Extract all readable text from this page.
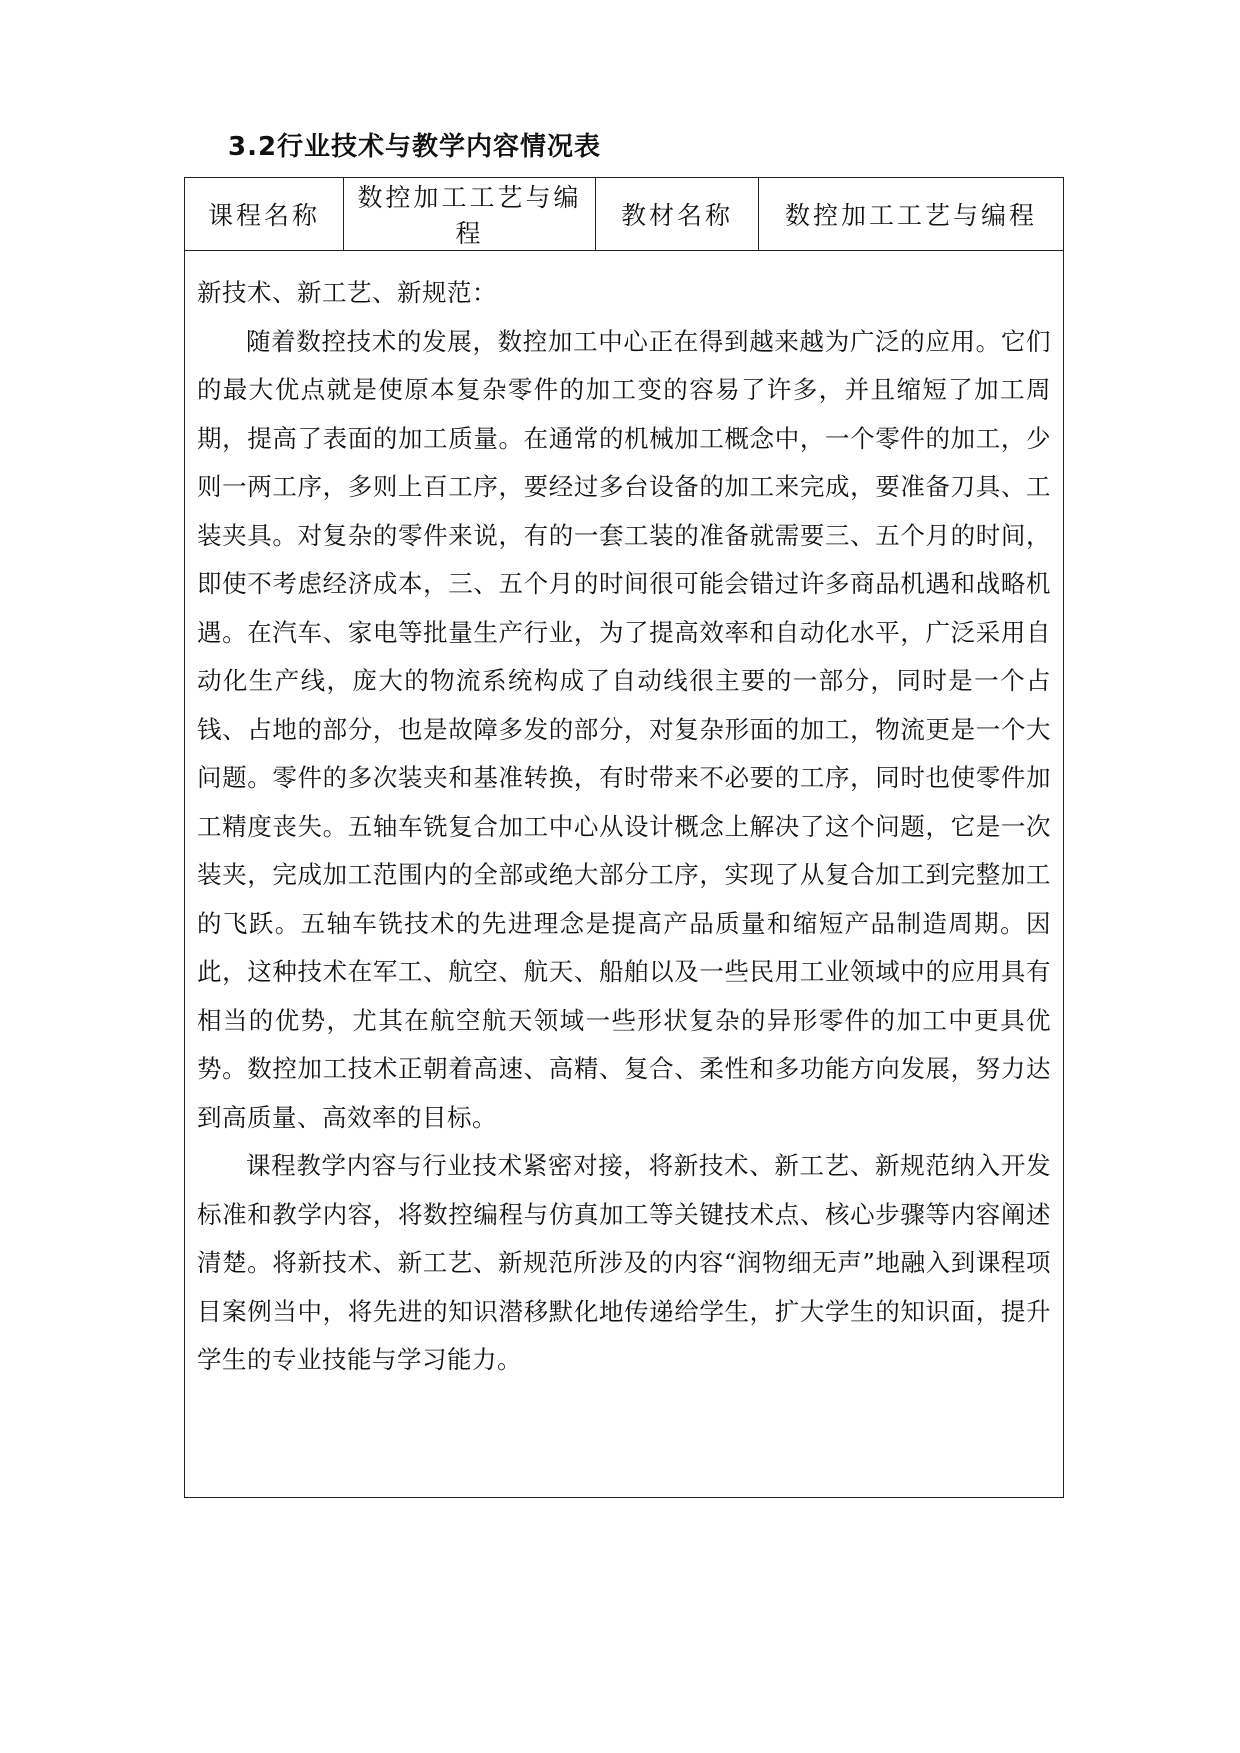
3.2行业技术与教学内容情况表
课程名称	数控加工工艺与编程	教材名称	数控加工工艺与编程

新技术、新工艺、新规范：

随着数控技术的发展，数控加工中心正在得到越来越为广泛的应用。它们的最大优点就是使原本复杂零件的加工变的容易了许多，并且缩短了加工周期，提高了表面的加工质量。在通常的机械加工概念中，一个零件的加工，少则一两工序，多则上百工序，要经过多台设备的加工来完成，要准备刀具、工装夹具。对复杂的零件来说，有的一套工装的准备就需要三、五个月的时间，即使不考虑经济成本，三、五个月的时间很可能会错过许多商品机遇和战略机遇。在汽车、家电等批量生产行业，为了提高效率和自动化水平，广泛采用自动化生产线，庞大的物流系统构成了自动线很主要的一部分，同时是一个占钱、占地的部分，也是故障多发的部分，对复杂形面的加工，物流更是一个大问题。零件的多次装夹和基准转换，有时带来不必要的工序，同时也使零件加工精度丧失。五轴车铣复合加工中心从设计概念上解决了这个问题，它是一次装夹，完成加工范围内的全部或绝大部分工序，实现了从复合加工到完整加工的飞跃。五轴车铣技术的先进理念是提高产品质量和缩短产品制造周期。因此，这种技术在军工、航空、航天、船舶以及一些民用工业领域中的应用具有相当的优势，尤其在航空航天领域一些形状复杂的异形零件的加工中更具优势。数控加工技术正朝着高速、高精、复合、柔性和多功能方向发展，努力达到高质量、高效率的目标。

课程教学内容与行业技术紧密对接，将新技术、新工艺、新规范纳入开发标准和教学内容，将数控编程与仿真加工等关键技术点、核心步骤等内容阐述清楚。将新技术、新工艺、新规范所涉及的内容“润物细无声”地融入到课程项目案例当中，将先进的知识潜移默化地传递给学生，扩大学生的知识面，提升学生的专业技能与学习能力。
